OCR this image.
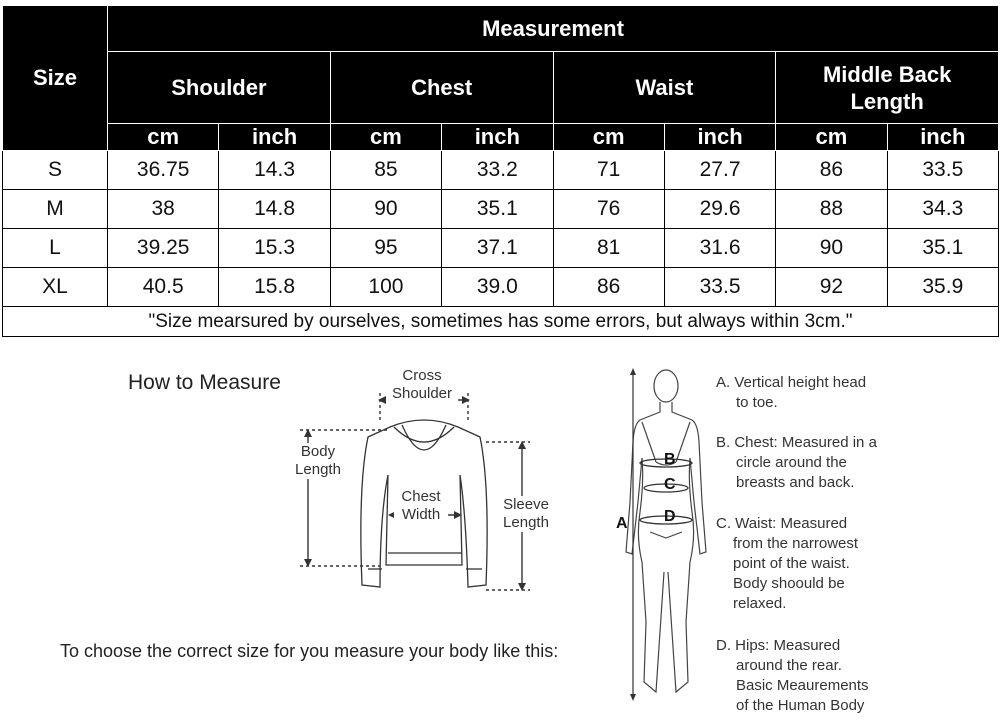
Size	Measurement							
	Shoulder		Chest		Waist		Middle Back Length	
	cm	inch	cm	inch	cm	inch	cm	inch
S	36.75	14.3	85	33.2	71	27.7	86	33.5
M	38	14.8	90	35.1	76	29.6	88	34.3
L	39.25	15.3	95	37.1	81	31.6	90	35.1
XL	40.5	15.8	100	39.0	86	33.5	92	35.9
"Size mearsured by ourselves, sometimes has some errors, but always within 3cm."								
How to Measure	Cross
Shoulder
Body
Length
Chest
Width
Sleeve
Length
To choose the correct size for you measure your body like this:
B
C
D
A
A. Vertical height head
to toe.
B. Chest: Measured in a
circle around the
breasts and back.
C. Waist: Measured
from the narrowest
point of the waist.
Body shoould be
relaxed.
D. Hips: Measured
around the rear.
Basic Meaurements
of the Human Body
